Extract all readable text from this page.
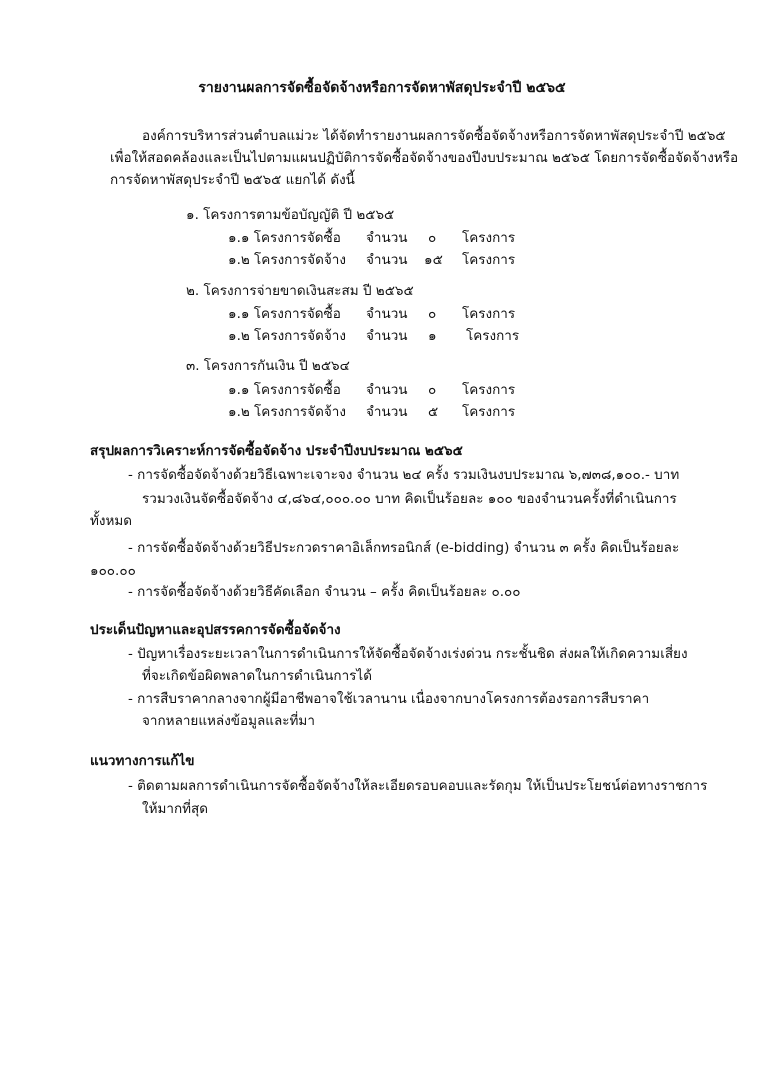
รายงานผลการจัดซื้อจัดจ้างหรือการจัดหาพัสดุประจำปี ๒๕๖๕
องค์การบริหารส่วนตำบลแม่วะ ได้จัดทำรายงานผลการจัดซื้อจัดจ้างหรือการจัดหาพัสดุประจำปี ๒๕๖๕
เพื่อให้สอดคล้องและเป็นไปตามแผนปฏิบัติการจัดซื้อจัดจ้างของปีงบประมาณ ๒๕๖๕ โดยการจัดซื้อจัดจ้างหรือ
การจัดหาพัสดุประจำปี ๒๕๖๕ แยกได้ ดังนี้
๑. โครงการตามข้อบัญญัติ ปี ๒๕๖๕
๑.๑ โครงการจัดซื้อ จำนวน ๐ โครงการ
๑.๒ โครงการจัดจ้าง จำนวน ๑๕ โครงการ
๒. โครงการจ่ายขาดเงินสะสม ปี ๒๕๖๕
๑.๑ โครงการจัดซื้อ จำนวน ๐ โครงการ
๑.๒ โครงการจัดจ้าง จำนวน ๑ โครงการ
๓. โครงการกันเงิน ปี ๒๕๖๔
๑.๑ โครงการจัดซื้อ จำนวน ๐ โครงการ
๑.๒ โครงการจัดจ้าง จำนวน ๕ โครงการ
สรุปผลการวิเคราะห์การจัดซื้อจัดจ้าง ประจำปีงบประมาณ ๒๕๖๕
- การจัดซื้อจัดจ้างด้วยวิธีเฉพาะเจาะจง จำนวน ๒๔ ครั้ง รวมเงินงบประมาณ ๖,๗๓๘,๑๐๐.- บาท
รวมวงเงินจัดซื้อจัดจ้าง ๔,๘๖๔,๐๐๐.๐๐ บาท คิดเป็นร้อยละ ๑๐๐ ของจำนวนครั้งที่ดำเนินการ
ทั้งหมด
- การจัดซื้อจัดจ้างด้วยวิธีประกวดราคาอิเล็กทรอนิกส์ (e-bidding) จำนวน ๓ ครั้ง คิดเป็นร้อยละ
๑๐๐.๐๐
- การจัดซื้อจัดจ้างด้วยวิธีคัดเลือก จำนวน – ครั้ง คิดเป็นร้อยละ ๐.๐๐
ประเด็นปัญหาและอุปสรรคการจัดซื้อจัดจ้าง
- ปัญหาเรื่องระยะเวลาในการดำเนินการให้จัดซื้อจัดจ้างเร่งด่วน กระชั้นชิด ส่งผลให้เกิดความเสี่ยง
ที่จะเกิดข้อผิดพลาดในการดำเนินการได้
- การสืบราคากลางจากผู้มีอาชีพอาจใช้เวลานาน เนื่องจากบางโครงการต้องรอการสืบราคา
จากหลายแหล่งข้อมูลและที่มา
แนวทางการแก้ไข
- ติดตามผลการดำเนินการจัดซื้อจัดจ้างให้ละเอียดรอบคอบและรัดกุม ให้เป็นประโยชน์ต่อทางราชการ
ให้มากที่สุด
